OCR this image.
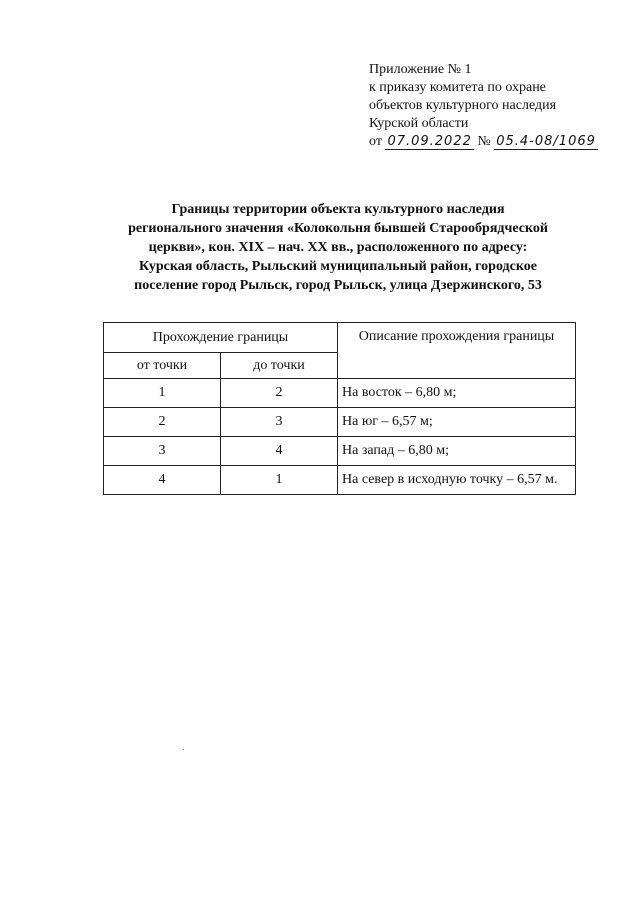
Приложение № 1
к приказу комитета по охране
объектов культурного наследия
Курской области
от 07.09.2022 № 05.4-08/1069
Границы территории объекта культурного наследия
регионального значения «Колокольня бывшей Старообрядческой
церкви», кон. XIX – нач. XX вв., расположенного по адресу:
Курская область, Рыльский муниципальный район, городское
поселение город Рыльск, город Рыльск, улица Дзержинского, 53
Прохождение границы		Описание прохождения границы
от точки	до точки	
1	2	На восток – 6,80 м;
2	3	На юг – 6,57 м;
3	4	На запад – 6,80 м;
4	1	На север в исходную точку – 6,57 м.
